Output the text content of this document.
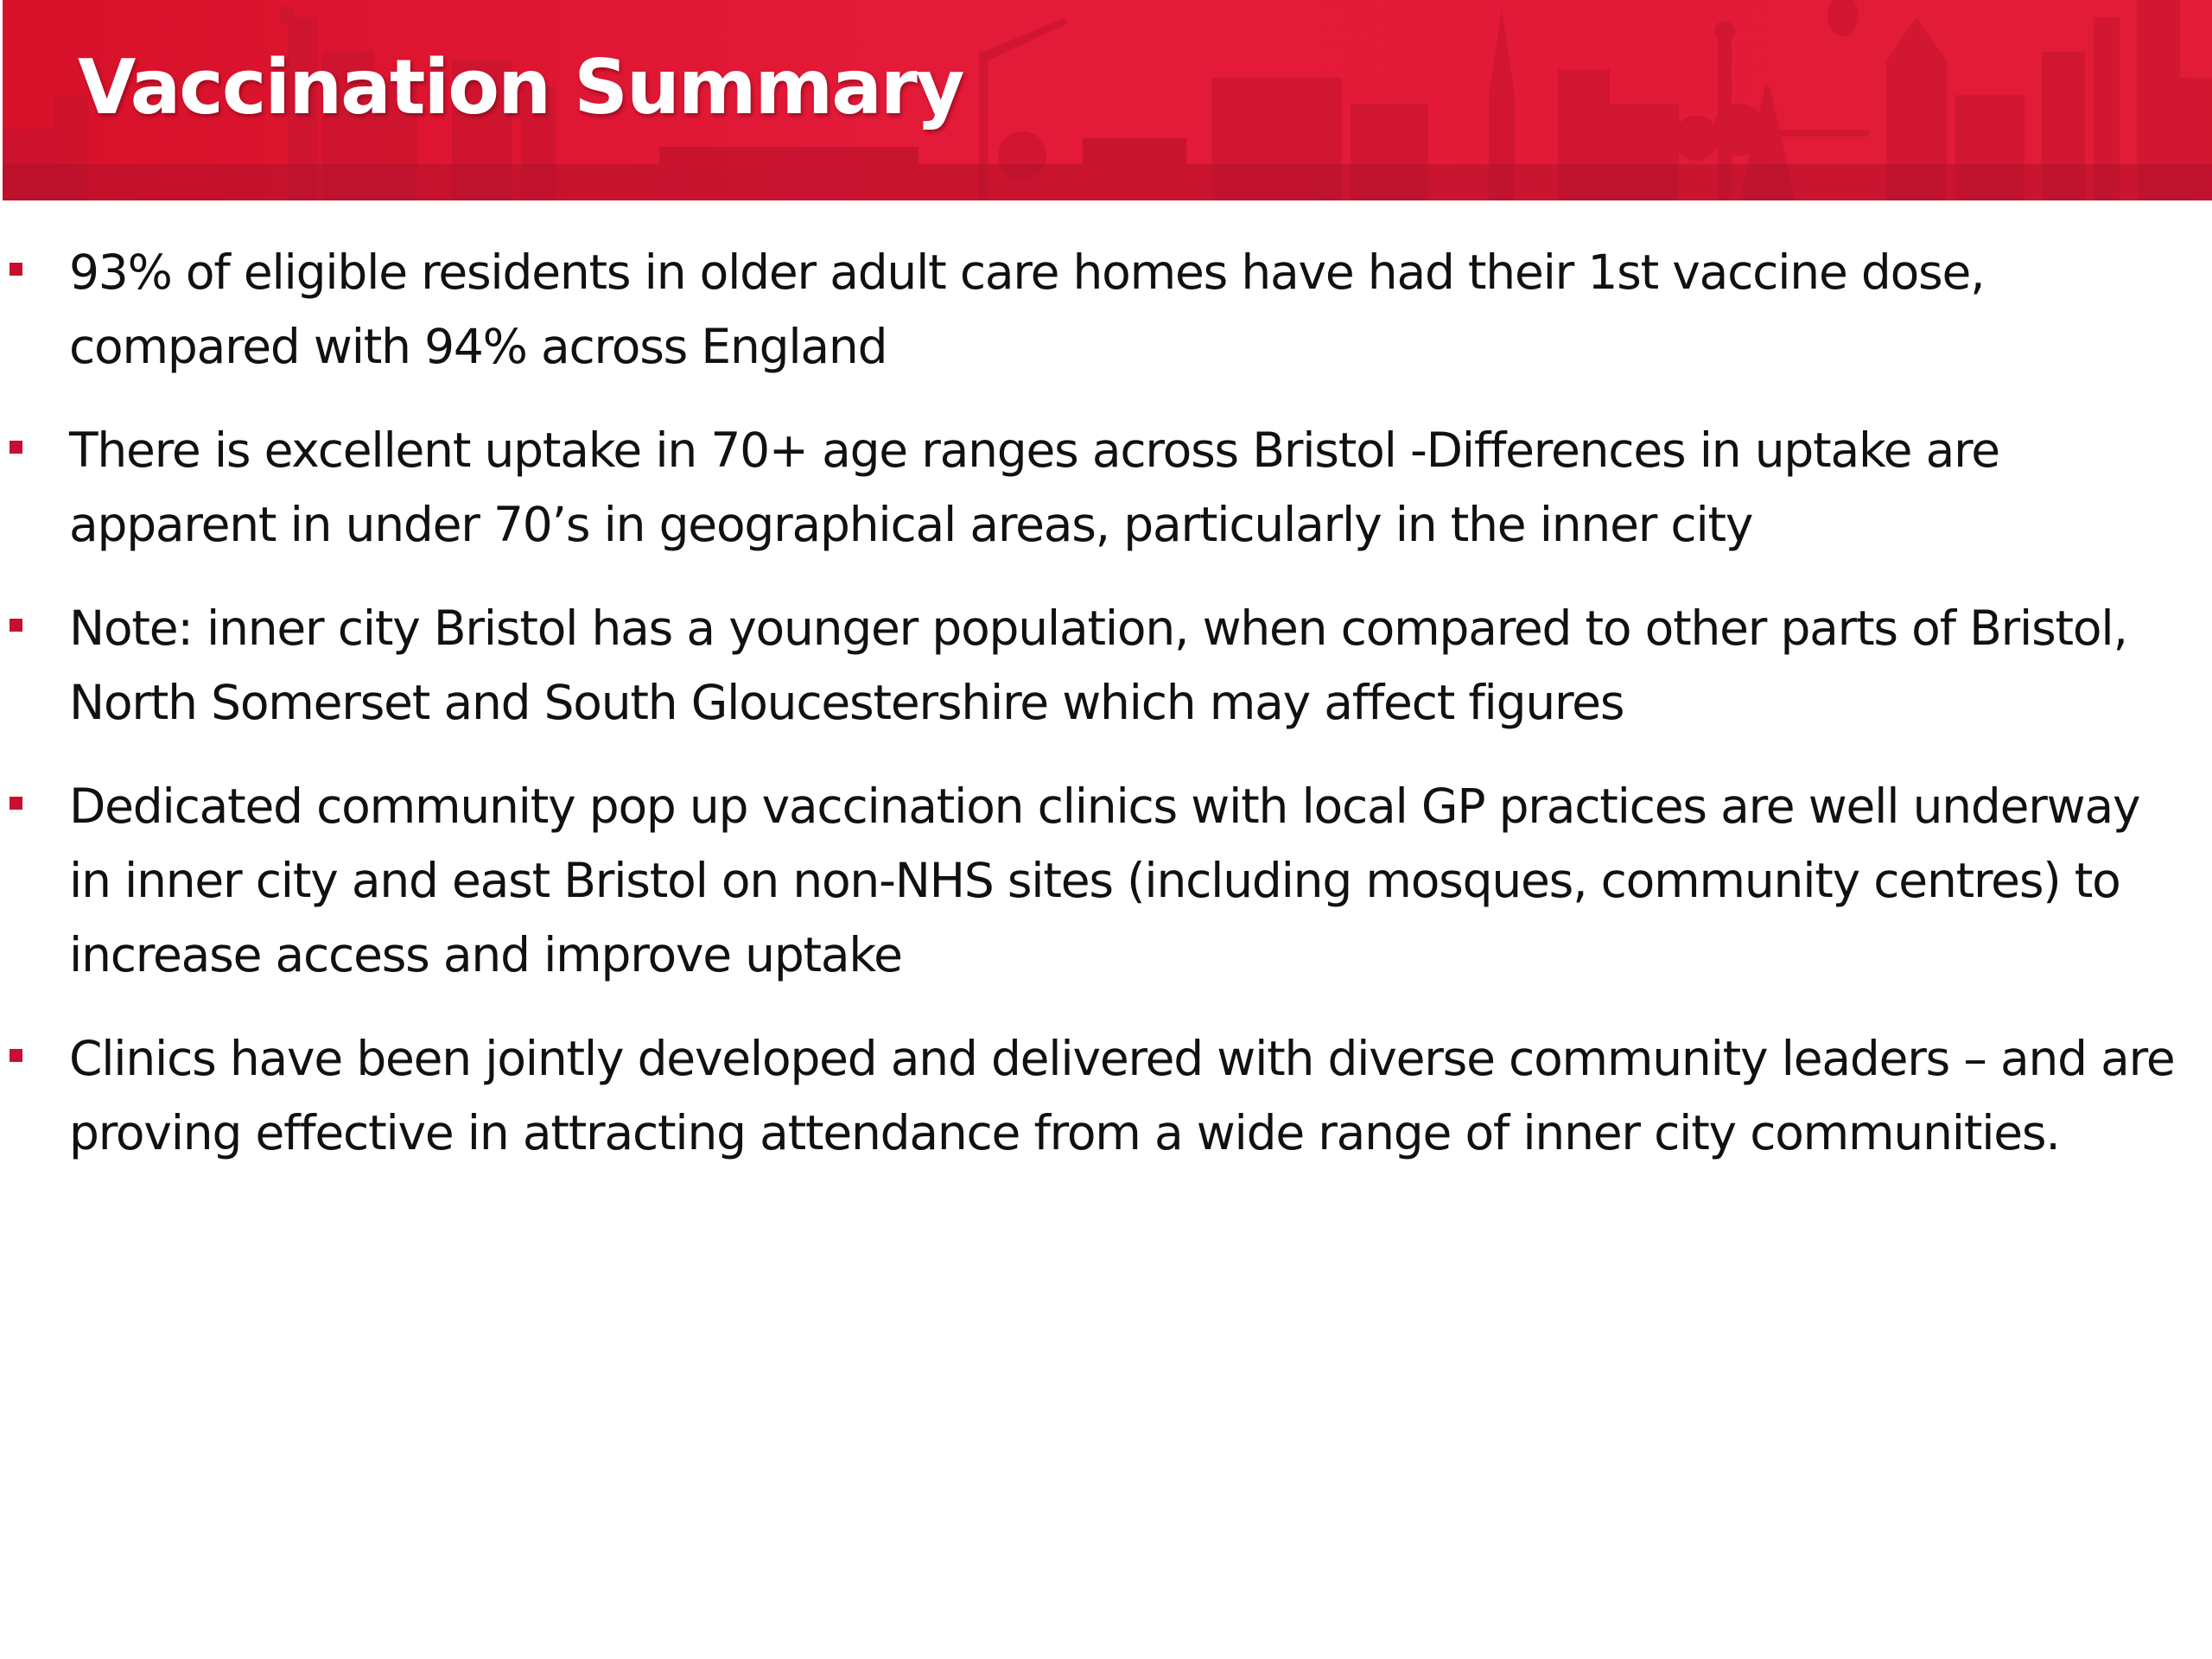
Vaccination Summary
93% of eligible residents in older adult care homes have had their 1st vaccine dose, compared with 94% across England
There is excellent uptake in 70+ age ranges across Bristol -Differences in uptake are apparent in under 70’s in geographical areas, particularly in the inner city
Note: inner city Bristol has a younger population, when compared to other parts of Bristol, North Somerset and South Gloucestershire which may affect figures
Dedicated community pop up vaccination clinics with local GP practices are well underway in inner city and east Bristol on non-NHS sites (including mosques, community centres) to increase access and improve uptake
Clinics have been jointly developed and delivered with diverse community leaders – and are proving effective in attracting attendance from a wide range of inner city communities.
